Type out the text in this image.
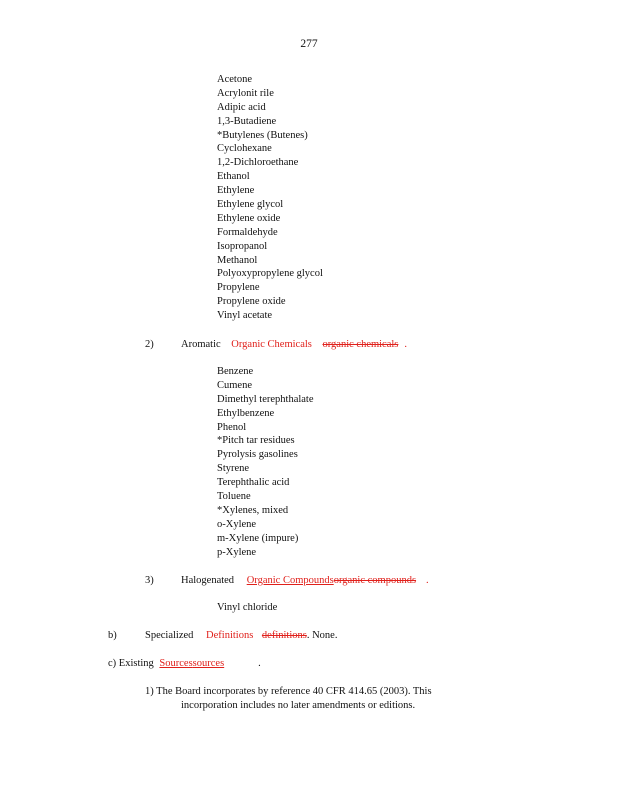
277
Acetone
Acrylonit rile
Adipic acid
1,3-Butadiene
*Butylenes (Butenes)
Cyclohexane
1,2-Dichloroethane
Ethanol
Ethylene
Ethylene glycol
Ethylene oxide
Formaldehyde
Isopropanol
Methanol
Polyoxypropylene glycol
Propylene
Propylene oxide
Vinyl acetate
2)	Aromatic Organic Chemicals organic chemicals .
Benzene
Cumene
Dimethyl terephthalate
Ethylbenzene
Phenol
*Pitch tar residues
Pyrolysis gasolines
Styrene
Terephthalic acid
Toluene
*Xylenes, mixed
o-Xylene
m-Xylene (impure)
p-Xylene
3)	Halogenated Organic Compoundsorganic compounds .
Vinyl chloride
b)	Specialized Definitions definitions. None.
c) Existing Sourcessources	.
1) The Board incorporates by reference 40 CFR 414.65 (2003). This
incorporation includes no later amendments or editions.
